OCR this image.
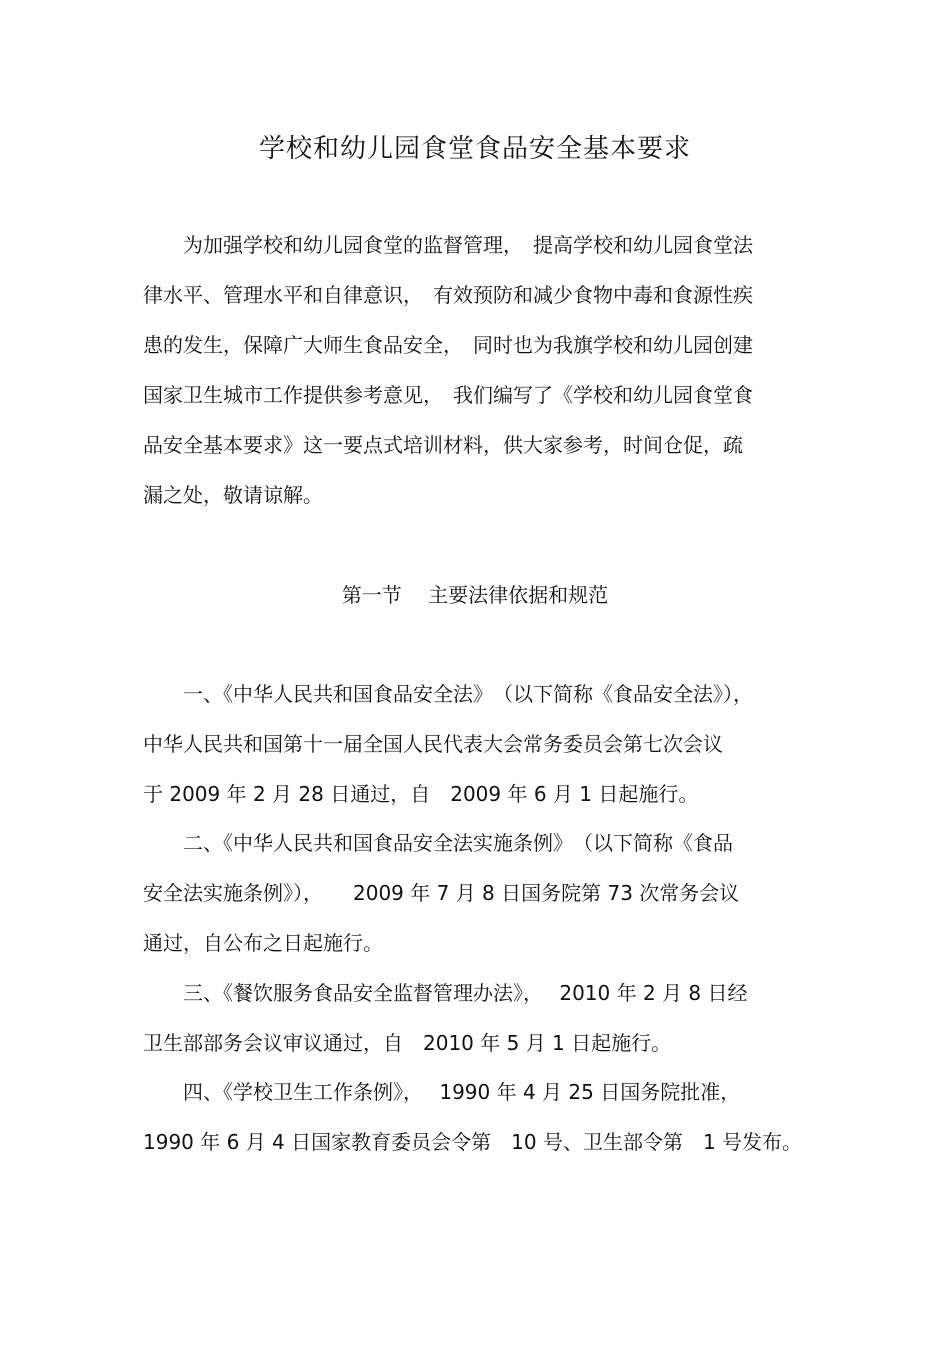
学校和幼儿园食堂食品安全基本要求
　　为加强学校和幼儿园食堂的监督管理，　提高学校和幼儿园食堂法
律水平、管理水平和自律意识，　有效预防和减少食物中毒和食源性疾
患的发生，保障广大师生食品安全，　同时也为我旗学校和幼儿园创建
国家卫生城市工作提供参考意见，　我们编写了《学校和幼儿园食堂食
品安全基本要求》这一要点式培训材料，供大家参考，时间仓促，疏
漏之处，敬请谅解。
第一节　 主要法律依据和规范
　　一、《中华人民共和国食品安全法》　（以下简称《食品安全法》），
中华人民共和国第十一届全国人民代表大会常务委员会第七次会议
于 2009 年 2 月 28 日通过，自　2009 年 6 月 1 日起施行。
　　二、《中华人民共和国食品安全法实施条例》　（以下简称《食品
安全法实施条例》），　　2009 年 7 月 8 日国务院第 73 次常务会议
通过，自公布之日起施行。
　　三、《餐饮服务食品安全监督管理办法》，　 2010 年 2 月 8 日经
卫生部部务会议审议通过，自　2010 年 5 月 1 日起施行。
　　四、《学校卫生工作条例》，　 1990 年 4 月 25 日国务院批准，
1990 年 6 月 4 日国家教育委员会令第　10 号、卫生部令第　1 号发布。
